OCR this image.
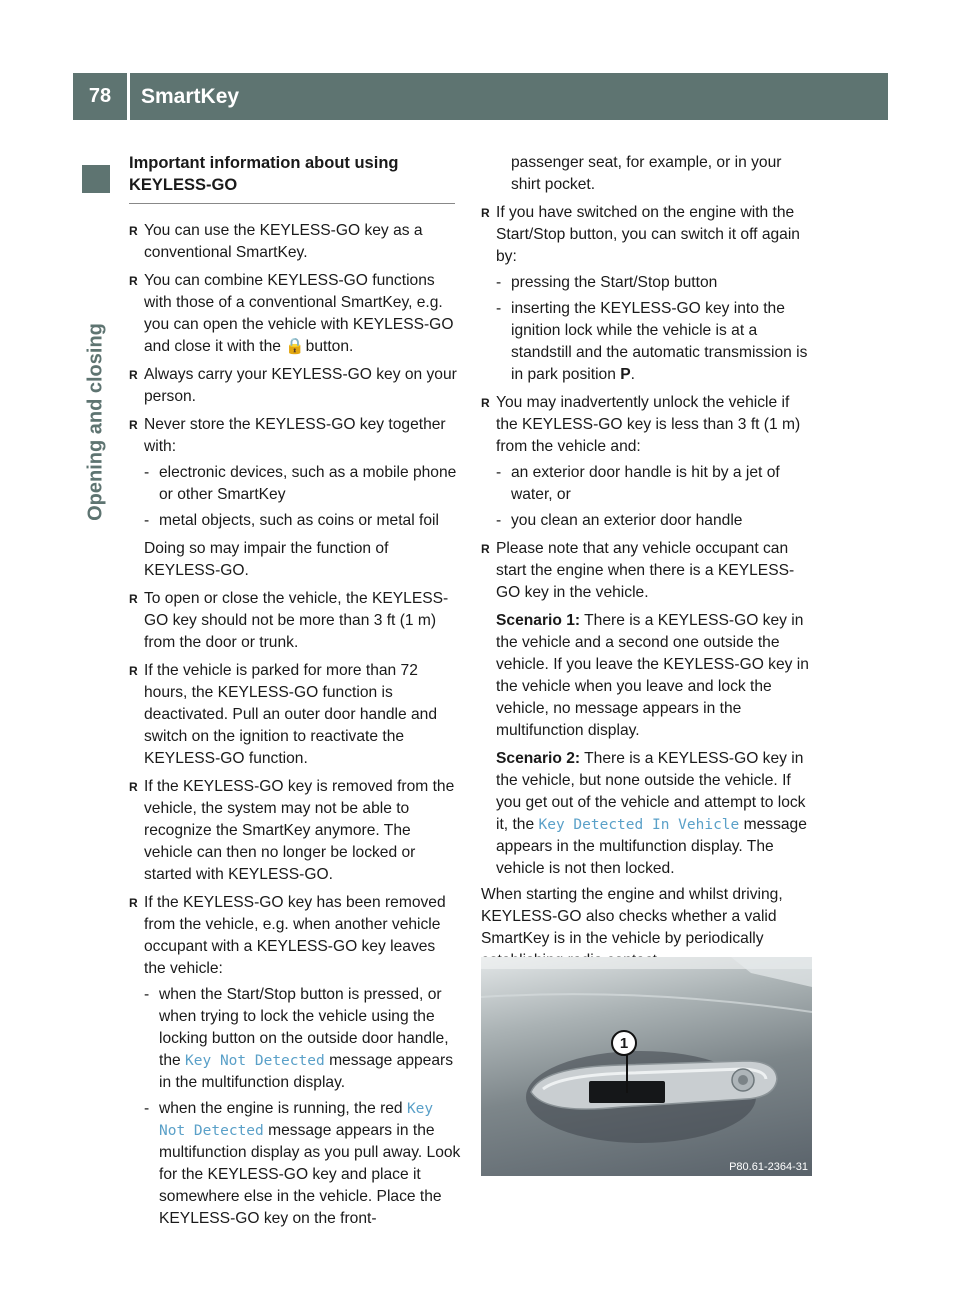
78	SmartKey
Opening and closing
Important information about using KEYLESS-GO
R You can use the KEYLESS-GO key as a conventional SmartKey.
R You can combine KEYLESS-GO functions with those of a conventional SmartKey, e.g. you can open the vehicle with KEYLESS-GO and close it with the 🔒 button.
R Always carry your KEYLESS-GO key on your person.
R Never store the KEYLESS-GO key together with:
- electronic devices, such as a mobile phone or other SmartKey
- metal objects, such as coins or metal foil
Doing so may impair the function of KEYLESS-GO.
R To open or close the vehicle, the KEYLESS-GO key should not be more than 3 ft (1 m) from the door or trunk.
R If the vehicle is parked for more than 72 hours, the KEYLESS-GO function is deactivated. Pull an outer door handle and switch on the ignition to reactivate the KEYLESS-GO function.
R If the KEYLESS-GO key is removed from the vehicle, the system may not be able to recognize the SmartKey anymore. The vehicle can then no longer be locked or started with KEYLESS-GO.
R If the KEYLESS-GO key has been removed from the vehicle, e.g. when another vehicle occupant with a KEYLESS-GO key leaves the vehicle:
- when the Start/Stop button is pressed, or when trying to lock the vehicle using the locking button on the outside door handle, the Key Not Detected message appears in the multifunction display.
- when the engine is running, the red Key Not Detected message appears in the multifunction display as you pull away. Look for the KEYLESS-GO key and place it somewhere else in the vehicle. Place the KEYLESS-GO key on the front-
passenger seat, for example, or in your shirt pocket.
R If you have switched on the engine with the Start/Stop button, you can switch it off again by:
- pressing the Start/Stop button
- inserting the KEYLESS-GO key into the ignition lock while the vehicle is at a standstill and the automatic transmission is in park position P.
R You may inadvertently unlock the vehicle if the KEYLESS-GO key is less than 3 ft (1 m) from the vehicle and:
- an exterior door handle is hit by a jet of water, or
- you clean an exterior door handle
R Please note that any vehicle occupant can start the engine when there is a KEYLESS-GO key in the vehicle.
Scenario 1: There is a KEYLESS-GO key in the vehicle and a second one outside the vehicle. If you leave the KEYLESS-GO key in the vehicle when you leave and lock the vehicle, no message appears in the multifunction display.
Scenario 2: There is a KEYLESS-GO key in the vehicle, but none outside the vehicle. If you get out of the vehicle and attempt to lock it, the Key Detected In Vehicle message appears in the multifunction display. The vehicle is not then locked.
When starting the engine and whilst driving, KEYLESS-GO also checks whether a valid SmartKey is in the vehicle by periodically
P80.61-2364-31
1
